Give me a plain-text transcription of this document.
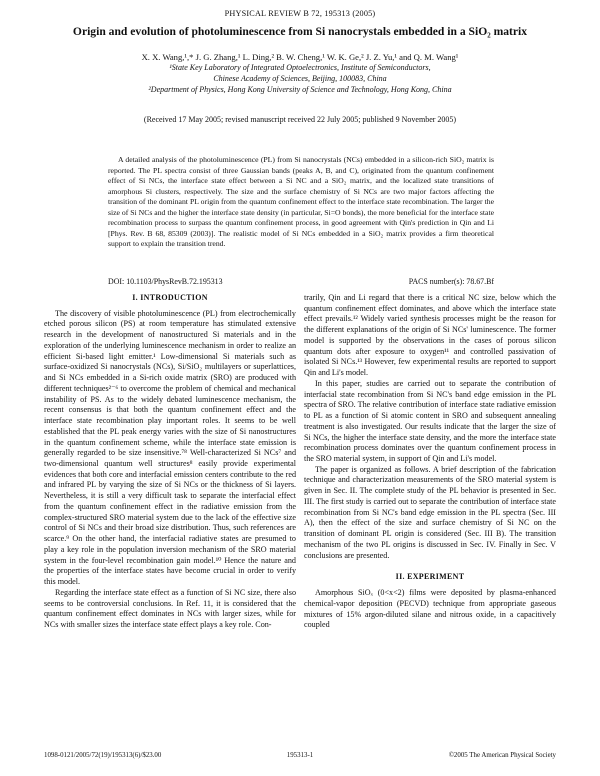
PHYSICAL REVIEW B 72, 195313 (2005)
Origin and evolution of photoluminescence from Si nanocrystals embedded in a SiO₂ matrix
X. X. Wang,¹,* J. G. Zhang,¹ L. Ding,² B. W. Cheng,¹ W. K. Ge,² J. Z. Yu,¹ and Q. M. Wang¹
¹State Key Laboratory of Integrated Optoelectronics, Institute of Semiconductors,
Chinese Academy of Sciences, Beijing, 100083, China
²Department of Physics, Hong Kong University of Science and Technology, Hong Kong, China
(Received 17 May 2005; revised manuscript received 22 July 2005; published 9 November 2005)

A detailed analysis of the photoluminescence (PL) from Si nanocrystals (NCs) embedded in a silicon-rich SiO₂ matrix is reported. The PL spectra consist of three Gaussian bands (peaks A, B, and C), originated from the quantum confinement effect of Si NCs, the interface state effect between a Si NC and a SiO₂ matrix, and the localized state transitions of amorphous Si clusters, respectively. The size and the surface chemistry of Si NCs are two major factors affecting the transition of the dominant PL origin from the quantum confinement effect to the interface state recombination. The larger the size of Si NCs and the higher the interface state density (in particular, Si=O bonds), the more beneficial for the interface state recombination process to surpass the quantum confinement process, in good agreement with Qin's prediction in Qin and Li [Phys. Rev. B 68, 85309 (2003)]. The realistic model of Si NCs embedded in a SiO₂ matrix provides a firm theoretical support to explain the transition trend.

DOI: 10.1103/PhysRevB.72.195313	PACS number(s): 78.67.Bf
I. INTRODUCTION

The discovery of visible photoluminescence (PL) from electrochemically etched porous silicon (PS) at room temperature has stimulated extensive research in the development of nanostructured Si materials and in the exploration of the underlying luminescence mechanism in order to realize an efficient Si-based light emitter.¹ Low-dimensional Si materials such as surface-oxidized Si nanocrystals (NCs), Si/SiO₂ multilayers or superlattices, and Si NCs embedded in a Si-rich oxide matrix (SRO) are produced with different techniques²⁻⁶ to overcome the problem of chemical and mechanical instability of PS. As to the widely debated luminescence mechanism, the recent consensus is that both the quantum confinement effect and the interface state recombination play important roles. It seems to be well established that the PL peak energy varies with the size of Si nanostructures in the quantum confinement scheme, while the interface state emission is generally regarded to be size insensitive.⁷⁸ Well-characterized Si NCs⁷ and two-dimensional quantum well structures⁸ easily provide experimental evidences that both core and interfacial emission centers contribute to the red and infrared PL by varying the size of Si NCs or the thickness of Si layers. Nevertheless, it is still a very difficult task to separate the interfacial effect from the quantum confinement effect in the radiative emission from the complex-structured SRO material system due to the lack of the effective size control of Si NCs and their broad size distribution. Thus, such references are scarce.⁹ On the other hand, the interfacial radiative states are presumed to play a key role in the population inversion mechanism of the SRO material system in the four-level recombination gain model.¹⁰ Hence the nature and the properties of the interface states have become crucial in order to verify this model.

Regarding the interface state effect as a function of Si NC size, there also seems to be controversial conclusions. In Ref. 11, it is considered that the quantum confinement effect dominates in NCs with larger sizes, while for NCs with smaller sizes the interface state effect plays a key role. Con-

trarily, Qin and Li regard that there is a critical NC size, below which the quantum confinement effect dominates, and above which the interface state effect prevails.¹² Widely varied synthesis processes might be the reason for the different explanations of the origin of Si NCs' luminescence. The former model is supported by the observations in the cases of porous silicon quantum dots after exposure to oxygen¹¹ and controlled passivation of isolated Si NCs.¹³ However, few experimental results are reported to support Qin and Li's model.

In this paper, studies are carried out to separate the contribution of interfacial state recombination from Si NC's band edge emission in the PL spectra of SRO. The relative contribution of interface state radiative emission to PL as a function of Si atomic content in SRO and subsequent annealing treatment is also investigated. Our results indicate that the larger the size of Si NCs, the higher the interface state density, and the more the interface state recombination process dominates over the quantum confinement process in the SRO material system, in support of Qin and Li's model.

The paper is organized as follows. A brief description of the fabrication technique and characterization measurements of the SRO material system is given in Sec. II. The complete study of the PL behavior is presented in Sec. III. The first study is carried out to separate the contribution of interface state recombination from Si NC's band edge emission in the PL spectra (Sec. III A), then the effect of the size and surface chemistry of Si NC on the transition of dominant PL origin is considered (Sec. III B). The transition mechanism of the two PL origins is discussed in Sec. IV. Finally in Sec. V conclusions are presented.

II. EXPERIMENT

Amorphous SiOₓ (0<x<2) films were deposited by plasma-enhanced chemical-vapor deposition (PECVD) technique from appropriate gaseous mixtures of 15% argon-diluted silane and nitrous oxide, in a capacitively coupled

1098-0121/2005/72(19)/195313(6)/$23.00	195313-1	©2005 The American Physical Society
